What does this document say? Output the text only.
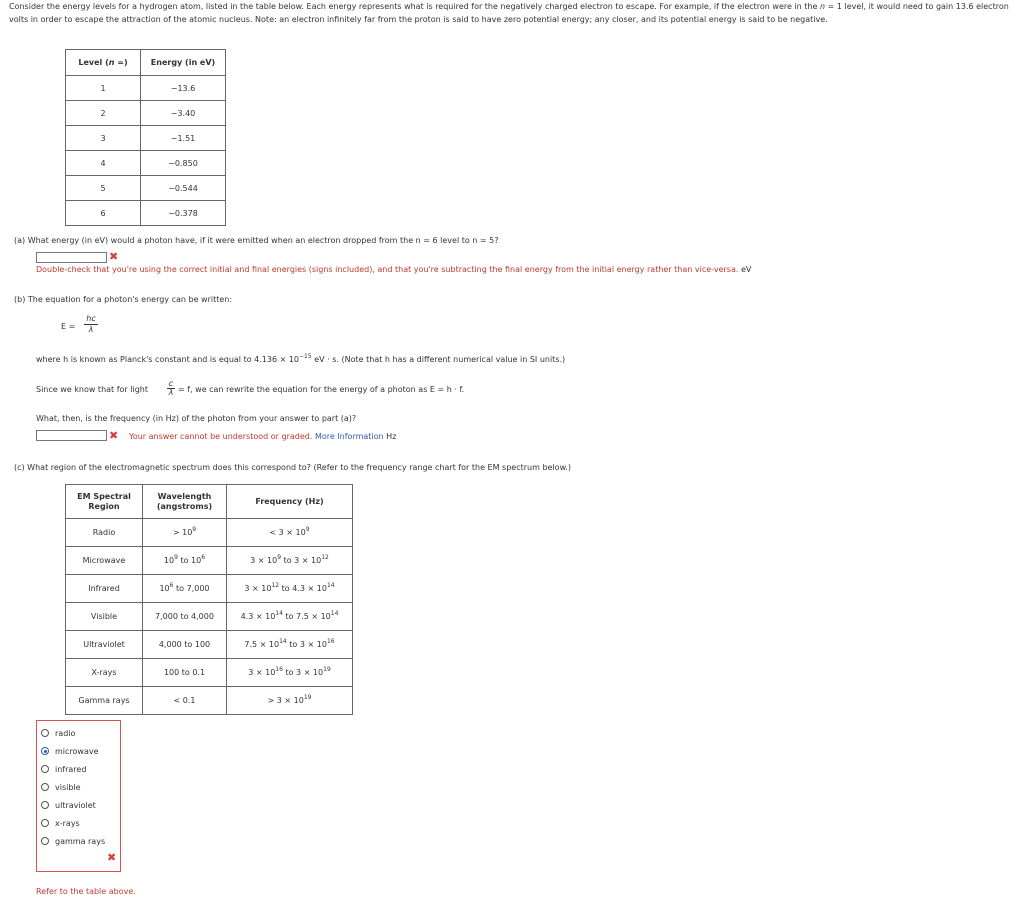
Consider the energy levels for a hydrogen atom, listed in the table below. Each energy represents what is required for the negatively charged electron to escape. For example, if the electron were in the n = 1 level, it would need to gain 13.6 electron volts in order to escape the attraction of the atomic nucleus. Note: an electron infinitely far from the proton is said to have zero potential energy; any closer, and its potential energy is said to be negative.
Level (n =)	Energy (in eV)
1	−13.6
2	−3.40
3	−1.51
4	−0.850
5	−0.544
6	−0.378
(a) What energy (in eV) would a photon have, if it were emitted when an electron dropped from the n = 6 level to n = 5?
✖
Double-check that you're using the correct initial and final energies (signs included), and that you're subtracting the final energy from the initial energy rather than vice-versa. eV
(b) The equation for a photon's energy can be written:
E =
hc
λ
where h is known as Planck's constant and is equal to $4.136 \times 10^{-15}$ eV · s. (Note that h has a different numerical value in SI units.)
Since we know that for light
c
λ = f, we can rewrite the equation for the energy of a photon as E = h · f.
What, then, is the frequency (in Hz) of the photon from your answer to part (a)?
✖ Your answer cannot be understood or graded. More Information Hz
(c) What region of the electromagnetic spectrum does this correspond to? (Refer to the frequency range chart for the EM spectrum below.)
EM Spectral Region	Wavelength (angstroms)	Frequency (Hz)
Radio	> $10^9$	< $3 \times 10^9$
Microwave	$10^9$ to $10^6$	$3 \times 10^9$ to $3 \times 10^{12}$
Infrared	$10^6$ to 7,000	$3 \times 10^{12}$ to $4.3 \times 10^{14}$
Visible	7,000 to 4,000	$4.3 \times 10^{14}$ to $7.5 \times 10^{14}$
Ultraviolet	4,000 to 100	$7.5 \times 10^{14}$ to $3 \times 10^{16}$
X-rays	100 to 0.1	$3 \times 10^{16}$ to $3 \times 10^{19}$
Gamma rays	< 0.1	> $3 \times 10^{19}$
✖
radio
microwave
infrared
visible
ultraviolet
x-rays
gamma rays
Refer to the table above.
